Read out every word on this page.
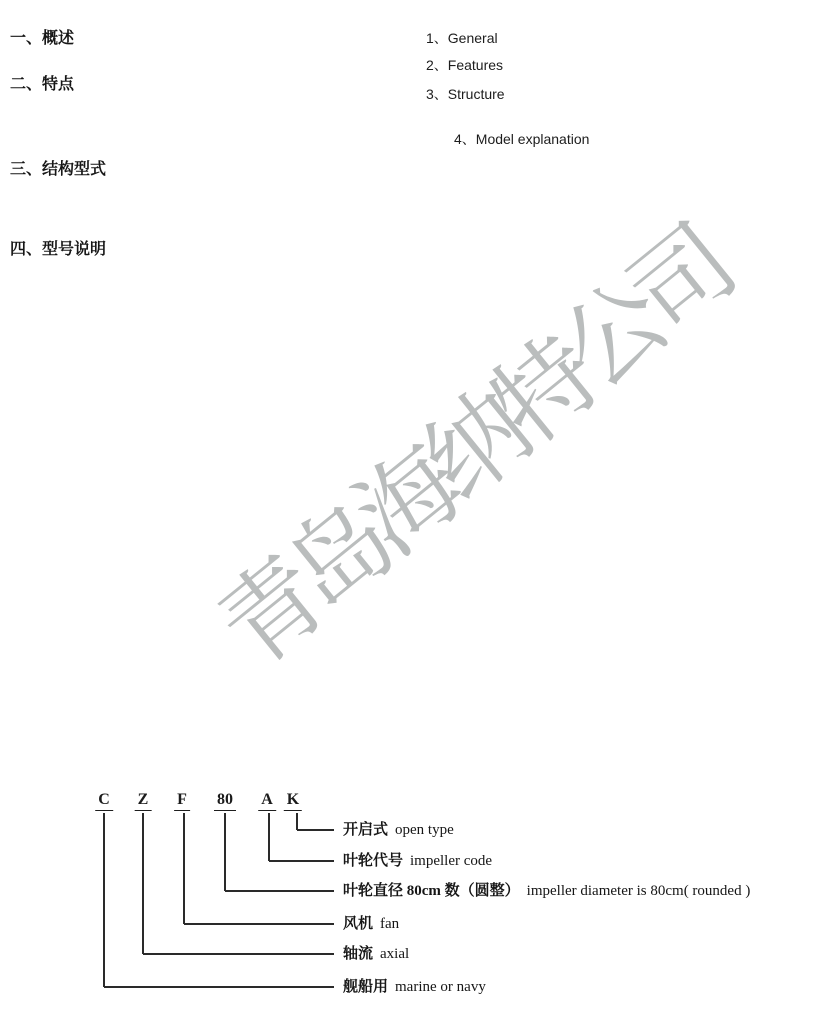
青岛海纳特公司
一、概述

二、特点

三、结构型式

四、型号说明
1、General

2、Features

3、Structure

4、Model explanation
C
舰船用 marine or navy
Z
轴流 axial
F
风机 fan
80
叶轮直径 80cm 数（圆整） impeller diameter is 80cm( rounded )
A
叶轮代号 impeller code
K
开启式 open type
